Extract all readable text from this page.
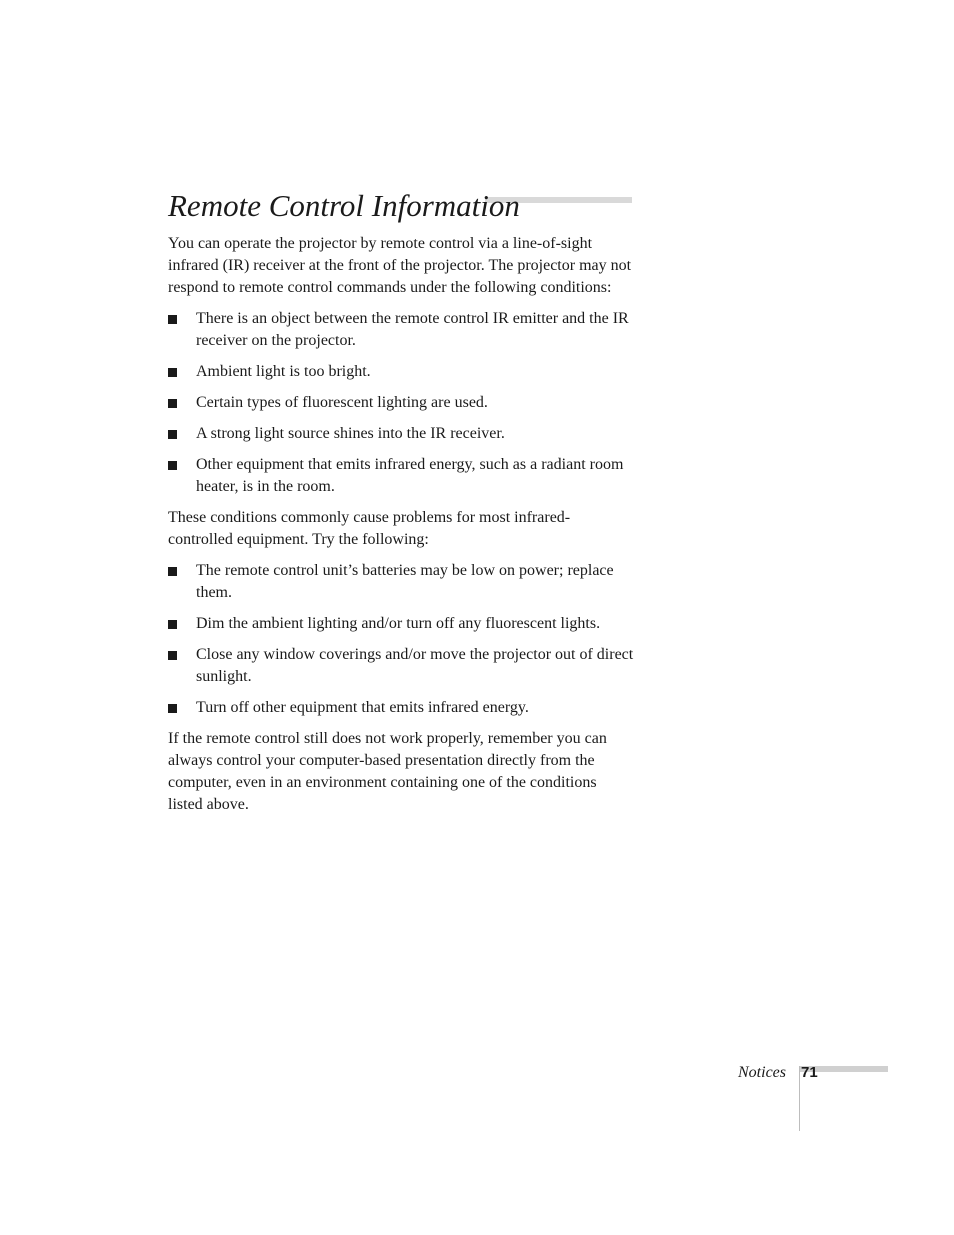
Remote Control Information

You can operate the projector by remote control via a line-of-sight infrared (IR) receiver at the front of the projector. The projector may not respond to remote control commands under the following conditions:

There is an object between the remote control IR emitter and the IR receiver on the projector.
Ambient light is too bright.
Certain types of fluorescent lighting are used.
A strong light source shines into the IR receiver.
Other equipment that emits infrared energy, such as a radiant room heater, is in the room.

These conditions commonly cause problems for most infrared-controlled equipment. Try the following:

The remote control unit’s batteries may be low on power; replace them.
Dim the ambient lighting and/or turn off any fluorescent lights.
Close any window coverings and/or move the projector out of direct sunlight.
Turn off other equipment that emits infrared energy.

If the remote control still does not work properly, remember you can always control your computer-based presentation directly from the computer, even in an environment containing one of the conditions listed above.

Notices 71
